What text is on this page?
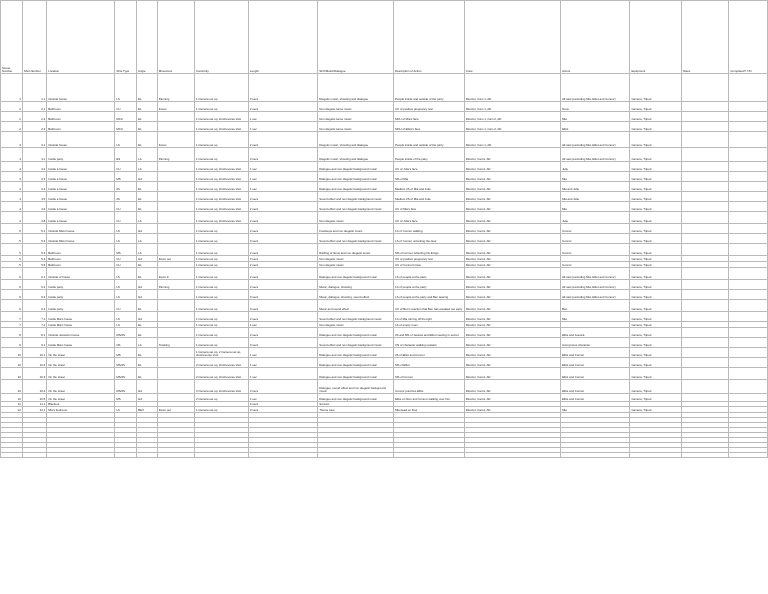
Scene Number	Shot Number	Location	Shot Type	Angle	Movement	Continuity	Length	SFX/Music/Dialogue	Description of Action	Crew	Actors	Equipment	Notes	Completed? Y/N
1	1.1	Outside house	LS	EL	Panning	1 Camera set up	3 secs	Diegetic music, shouting and dialogue	People inside and outside of the party	Director, Cam 1, AD	All cast (excluding Mia, Elliot and Connor)	Camera, Tripod		
2	2.1	Bathroom	CU	EL	Focus	1 Camera set up	2 secs	Non diegetic tense music	CU of positive pregnancy test	Director, Cam 1, AD	None	Camera, Tripod		
2	2.2	Bathroom	MCU	EL		1 Camera set up, shot/reverse shot	1 sec	Non diegetic tense music	MCU of Mia's face	Director, Cam 1, Cam 2, AD	Mia	Camera, Tripod		
2	2.3	Bathroom	MCU	EL		1 Camera set up, shot/reverse shot	1 sec	Non diegetic tense music	MCU of Elliot's face	Director, Cam 1, Cam 2, AD	Elliot	Camera, Tripod		
3	3.1	Outside house	LS	EL	Focus	1 Camera set up	2 secs	Diegetic music, shouting and dialogue	People inside and outside of the party	Director, Cam 1, AD	All cast (excluding Mia, Elliot and Connor)	Camera, Tripod		
4	4.1	Inside party	ES	LA	Panning	1 Camera set up	3 secs	Diegetic music, shouting and dialogue	People inside of the party	Director, Cam1, AD	All cast (excluding Mia, Elliot and Connor)	Camera, Tripod		
4	4.2	Inside a house	CU	LA		1 Camera set up, shot/reverse shot	1 sec	Dialogue and non diegetic background music	CU of Julie's face	Director, Cam1, AD	Julie	Camera, Tripod		
4	4.3	Inside a house	MS	HA		1 Camera set up, shot/reverse shot	1 sec	Dialogue and non diegetic background music	MS of Mia	Director, Cam1, AD	Mia	Camera, Tripod		
4	4.4	Inside a house	2S	EL		1 Camera set up, shot/reverse shot	1 sec	Dialogue and non diegetic background music	Medium 2S of Mia and Julie	Director, Cam1, AD	Mia and Julie	Camera, Tripod		
4	4.5	Inside a house	2S	EL		1 Camera set up, shot/reverse shot	2 secs	Sound effect and non diegetic background music	Medium 2S of Mia and Julie	Director, Cam1, AD	Mia and Julie	Camera, Tripod		
4	4.6	Inside a house	CU	EL		1 Camera set up, shot/reverse shot	2 secs	Sound effect and non diegetic background music	CU of Mia's face	Director, Cam1, AD	Mia	Camera, Tripod		
4	4.8	Inside a house	CU	LA		1 Camera set up, shot/reverse shot	2 secs	Non diegetic music	CU of Julie's face	Director, Cam1, AD	Julie	Camera, Tripod		
5	5.1	Outside Mia's house	LS	HA		1 Camera set up	2 secs	Footsteps and non diegetic music	LS of Connor walking	Director, Cam1, AD	Connor	Camera, Tripod		
5	5.2	Outside Mia's house	LS	LA		1 Camera set up	3 secs	Sound effect and non diegetic background music	LS of Connor unlocking the door	Director, Cam1, AD	Connor	Camera, Tripod		
5	5.3	Bathroom	MS	LA		1 Camera set up	2 secs	Rattling of items and non diegetic music	MS of Connor reflecting his things	Director, Cam1, AD	Connor	Camera, Tripod		
5	5.4	Bathroom	CU	HA	Zoom out	1 Camera set up	3 secs	Non diegetic music	CU of positive pregnancy test	Director, Cam1, AD		Camera, Tripod		
5	5.5	Bathroom	CU	EL		1 Camera set up	2 secs	Non diegetic music	CU of Connor's face	Director, Cam1, AD	Connor	Camera, Tripod		
6	6.1	Outside of house	LS	EL	Zoom in	1 Camera set up	2 secs	Dialogue and non diegetic background music	LS of people at the party	Director, Cam1, AD	All cast (excluding Mia, Elliot and Connor)	Camera, Tripod		
6	6.2	Inside party	LS	HA	Panning	1 Camera set up	2 secs	Music, dialogue, shouting	LS of people at the party	Director, Cam1, AD	All cast (excluding Mia, Elliot and Connor)	Camera, Tripod		
6	6.3	Inside party	LS	HA		1 Camera set up	3 secs	Music, dialogue, shouting, sound effect	LS of people at the party and Ben leaving	Director, Cam1, AD	All cast (excluding Mia, Elliot and Connor)	Camera, Tripod		
6	6.4	Inside party	CU	EL		1 Camera set up	3 secs	Music and sound effect	CU of Ben's reaction that Ben has sneaked out early	Director, Cam1, AD	Ben	Camera, Tripod		
7	7.1	Inside Mia's house	LS	HA		1 Camera set up	2 secs	Sound effect and non diegetic background music	LS of Mia turning off the light	Director, Cam1, AD	Mia	Camera, Tripod		
7	7.2	Inside Mia's house	LS	EL		1 Camera set up	1 sec	Non diegetic music	LS of empty room	Director, Cam1, AD		Camera, Tripod		
8	8.1	Outside Jessica's house	MS/2S	EL		1 Camera set up	2 secs	Dialogue and non diegetic background music	2S and MS of Jessica and Elliot meeting in secret	Director, Cam1, AD	Elliot and Jessica	Camera, Tripod		
9	9.1	Inside Mia's house	OS	LA	Tracking	1 Camera set up	3 secs	Sound effect and non diegetic background music	OS of character walking upstairs	Director, Cam1, AD	Anonymous character	Camera, Tripod		
10	10.1	On the street	MS	EL		1 Camera set up, 2 Camera set up, shot/reverse shot	1 sec	Dialogue and non diegetic background music	2S of Elliot and Connor	Director, Cam1, AD	Elliot and Connor	Camera, Tripod		
10	10.2	On the street	MS/2S	EL		2 Camera set up, shot/reverse shot	1 sec	Dialogue and non diegetic background music	MS of Elliot	Director, Cam1, AD	Elliot and Connor	Camera, Tripod		
10	10.3	On the street	MS/2S	EL		2 Camera set up, shot/reverse shot	1 sec	Dialogue and non diegetic background music	MS of Connor	Director, Cam1, AD	Elliot and Connor	Camera, Tripod		
10	10.4	On the street	MS/2S	HA		3 Camera set up, shot/reverse shot	3 secs	Dialogue, sound effect and non diegetic background music	Connor punches Elliot	Director, Cam1, AD	Elliot and Connor	Camera, Tripod		
10	10.5	On the street	MS	HA		2 Camera set up	1 sec	Dialogue and non diegetic background music	Elliot on floor and Connor walking over him	Director, Cam1, AD	Elliot and Connor	Camera, Tripod		
11	11.1	Blackout					3 secs	Scream						
12	12.1	Mia's bedroom	LS	BEV	Zoom out	1 Camera set up	3 secs	Theme tune	Mia dead on floor	Director, Cam1, AD	Mia	Camera, Tripod		
